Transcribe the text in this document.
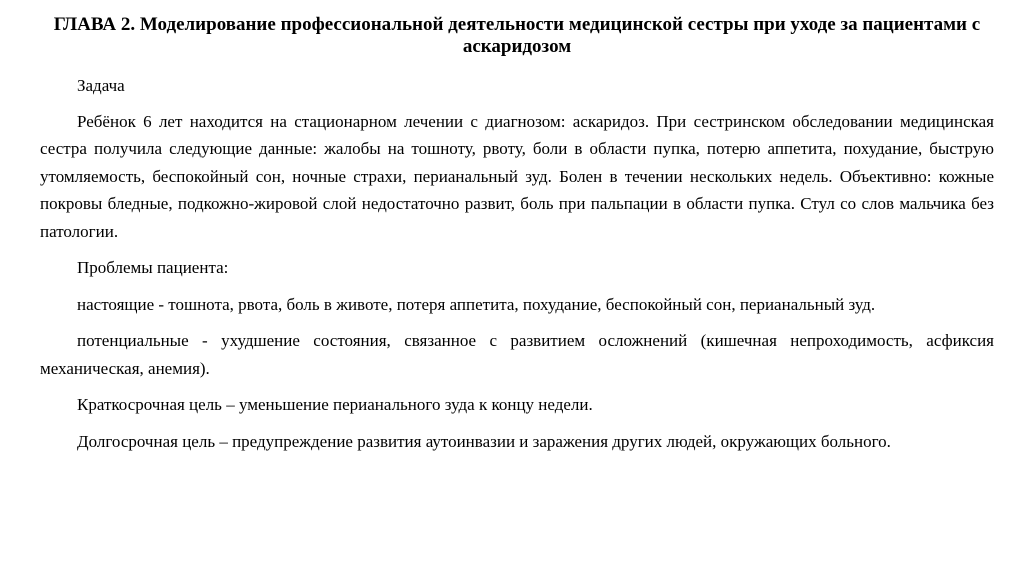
ГЛАВА 2. Моделирование профессиональной деятельности медицинской сестры при уходе за пациентами с аскаридозом

Задача

Ребёнок 6 лет находится на стационарном лечении с диагнозом: аскаридоз. При сестринском обследовании медицинская сестра получила следующие данные: жалобы на тошноту, рвоту, боли в области пупка, потерю аппетита, похудание, быструю утомляемость, беспокойный сон, ночные страхи, перианальный зуд. Болен в течении нескольких недель. Объективно: кожные покровы бледные, подкожно-жировой слой недостаточно развит, боль при пальпации в области пупка. Стул со слов мальчика без патологии.

Проблемы пациента:

настоящие - тошнота, рвота, боль в животе, потеря аппетита, похудание, беспокойный сон, перианальный зуд.

потенциальные - ухудшение состояния, связанное с развитием осложнений (кишечная непроходимость, асфиксия механическая, анемия).

Краткосрочная цель – уменьшение перианального зуда к концу недели.

Долгосрочная цель – предупреждение развития аутоинвазии и заражения других людей, окружающих больного.
